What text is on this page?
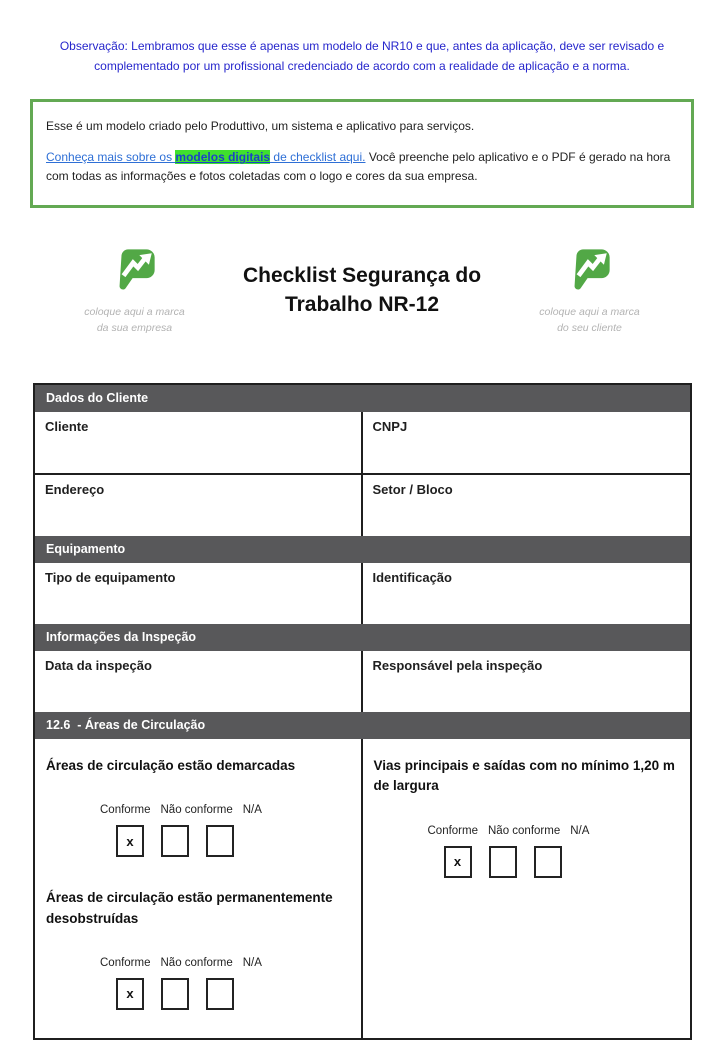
Observação: Lembramos que esse é apenas um modelo de NR10 e que, antes da aplicação, deve ser revisado e complementado por um profissional credenciado de acordo com a realidade de aplicação e a norma.

Esse é um modelo criado pelo Produttivo, um sistema e aplicativo para serviços.

Conheça mais sobre os modelos digitais de checklist aqui. Você preenche pelo aplicativo e o PDF é gerado na hora com todas as informações e fotos coletadas com o logo e cores da sua empresa.

coloque aqui a marca
da sua empresa
Checklist Segurança do
Trabalho NR-12	coloque aqui a marca
do seu cliente
Dados do Cliente
Cliente	CNPJ
Endereço	Setor / Bloco
Equipamento
Tipo de equipamento	Identificação
Informações da Inspeção
Data da inspeção	Responsável pela inspeção
12.6  - Áreas de Circulação
Áreas de circulação estão demarcadas
Conforme Não conforme N/A
x
Áreas de circulação estão permanentemente desobstruídas
Conforme Não conforme N/A
x
Vias principais e saídas com no mínimo 1,20 m de largura
Conforme Não conforme N/A
x
